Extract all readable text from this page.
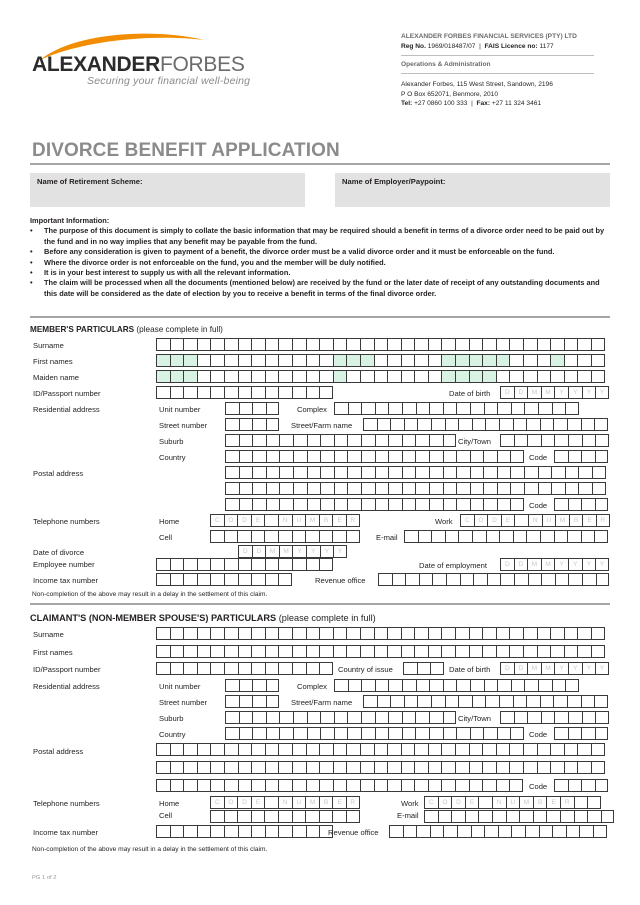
ALEXANDERFORBES
Securing your financial well-being
ALEXANDER FORBES FINANCIAL SERVICES (PTY) LTD
Reg No. 1969/018487/07  |  FAIS Licence no: 1177
Operations & Administration
Alexander Forbes, 115 West Street, Sandown, 2196
P O Box 652071, Benmore, 2010
Tel: +27 0860 100 333  |  Fax: +27 11 324 3461
DIVORCE BENEFIT APPLICATION
Name of Retirement Scheme:	Name of Employer/Paypoint:
Important Information:
• The purpose of this document is simply to collate the basic information that may be required should a benefit in terms of a divorce order need to be paid out by the fund and in no way implies that any benefit may be payable from the fund.
• Before any consideration is given to payment of a benefit, the divorce order must be a valid divorce order and it must be enforceable on the fund.
• Where the divorce order is not enforceable on the fund, you and the member will be duly notified.
• It is in your best interest to supply us with all the relevant information.
• The claim will be processed when all the documents (mentioned below) are received by the fund or the later date of receipt of any outstanding documents and this date will be considered as the date of election by you to receive a benefit in terms of the final divorce order.
MEMBER'S PARTICULARS (please complete in full)
Surname
First names
Maiden name
ID/Passport number	Date of birth	D	D	M	M	Y	Y	Y	Y
Residential address	Unit number	Complex
Street number	Street/Farm name
Suburb	City/Town
Country	Code
Postal address
Code
Telephone numbers	Home	C	O	D	E	N	U	M	B	E	R	Work	C	O	D	E	N	U	M	B	E	R
Cell	E-mail
Date of divorce	D	D	M	M	Y	Y	Y	Y
Employee number	Date of employment	D	D	M	M	Y	Y	Y	Y
Income tax number	Revenue office
Non-completion of the above may result in a delay in the settlement of this claim.
CLAIMANT'S (NON-MEMBER SPOUSE'S) PARTICULARS (please complete in full)
Surname
First names
ID/Passport number	Country of issue	Date of birth	D	D	M	M	Y	Y	Y	Y
Residential address	Unit number	Complex
Street number	Street/Farm name
Suburb	City/Town
Country	Code
Postal address
Code
Telephone numbers	Home	C	O	D	E	N	U	M	B	E	R	Work	C	O	D	E	N	U	M	B	E	R
Cell	E-mail
Income tax number	Revenue office
Non-completion of the above may result in a delay in the settlement of this claim.
PG 1 of 2
